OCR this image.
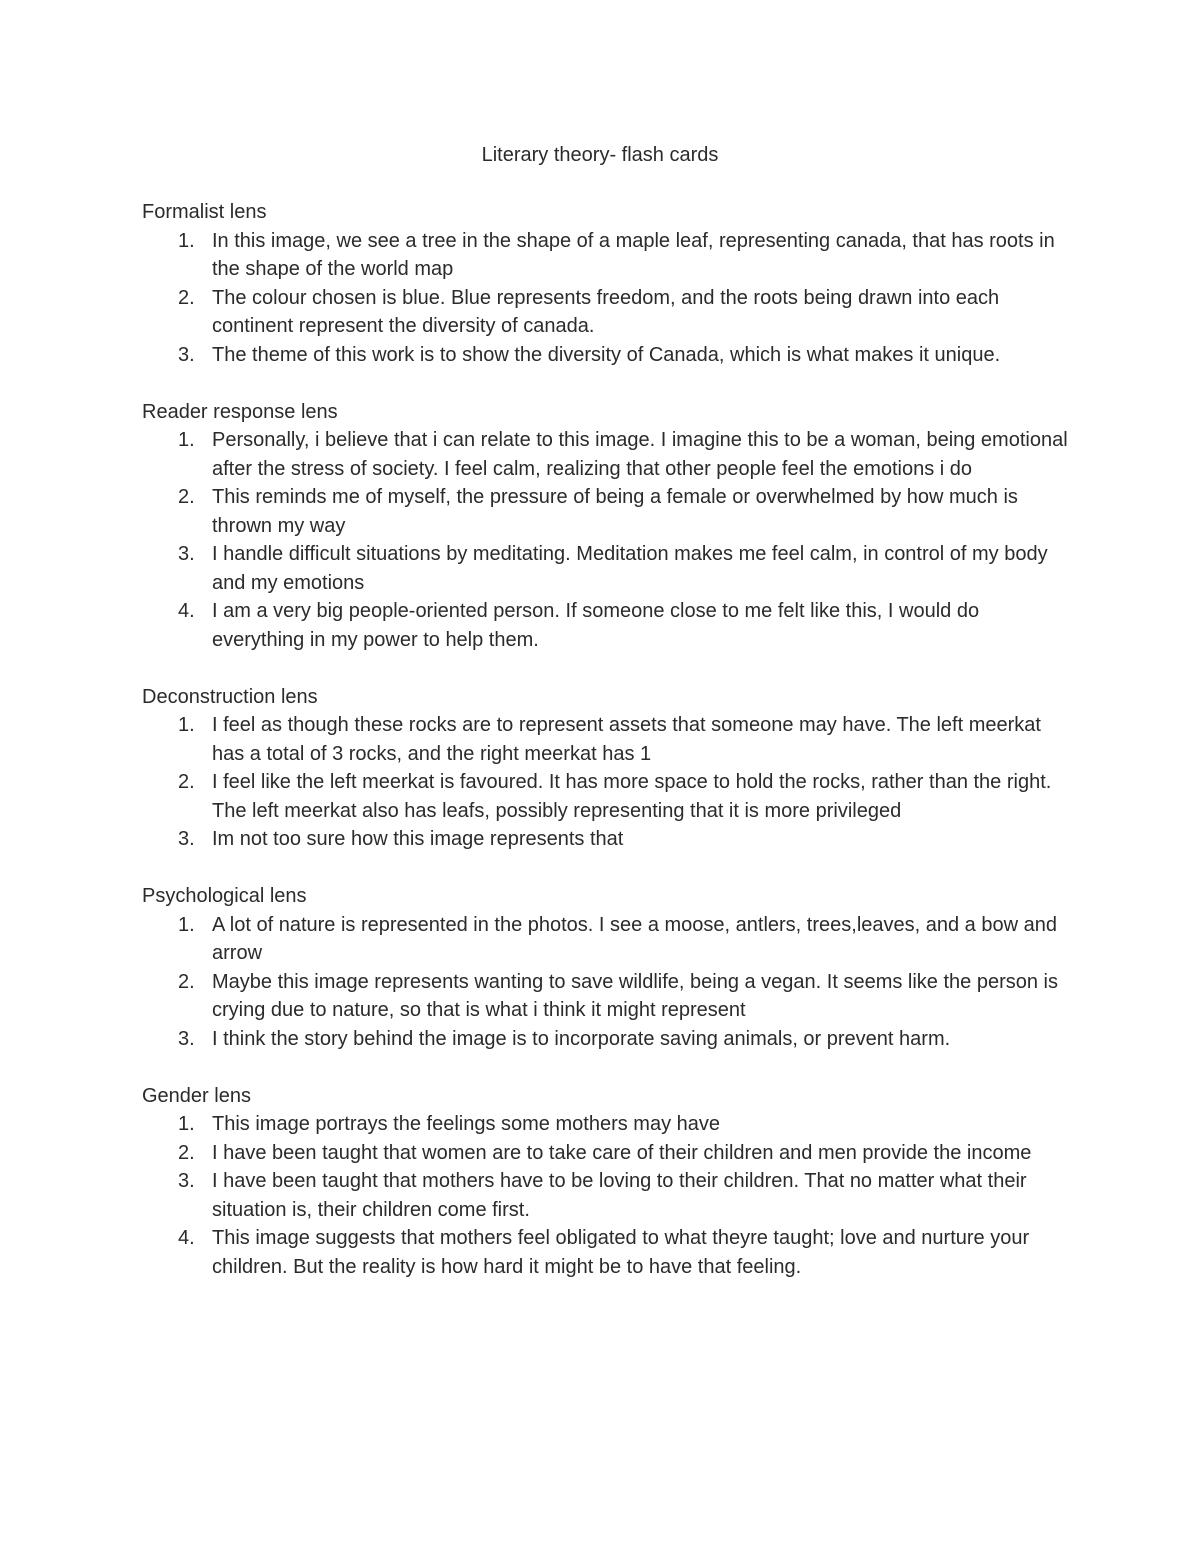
Literary theory- flash cards
Formalist lens
1. In this image, we see a tree in the shape of a maple leaf, representing canada, that has roots in the shape of the world map
2. The colour chosen is blue. Blue represents freedom, and the roots being drawn into each continent represent the diversity of canada.
3. The theme of this work is to show the diversity of Canada, which is what makes it unique.
Reader response lens
1. Personally, i believe that i can relate to this image. I imagine this to be a woman, being emotional after the stress of society. I feel calm, realizing that other people feel the emotions i do
2. This reminds me of myself, the pressure of being a female or overwhelmed by how much is thrown my way
3. I handle difficult situations by meditating. Meditation makes me feel calm, in control of my body and my emotions
4. I am a very big people-oriented person. If someone close to me felt like this, I would do everything in my power to help them.
Deconstruction lens
1. I feel as though these rocks are to represent assets that someone may have. The left meerkat has a total of 3 rocks, and the right meerkat has 1
2. I feel like the left meerkat is favoured. It has more space to hold the rocks, rather than the right. The left meerkat also has leafs, possibly representing that it is more privileged
3. Im not too sure how this image represents that
Psychological lens
1. A lot of nature is represented in the photos. I see a moose, antlers, trees,leaves, and a bow and arrow
2. Maybe this image represents wanting to save wildlife, being a vegan. It seems like the person is crying due to nature, so that is what i think it might represent
3. I think the story behind the image is to incorporate saving animals, or prevent harm.
Gender lens
1. This image portrays the feelings some mothers may have
2. I have been taught that women are to take care of their children and men provide the income
3. I have been taught that mothers have to be loving to their children. That no matter what their situation is, their children come first.
4. This image suggests that mothers feel obligated to what theyre taught; love and nurture your children. But the reality is how hard it might be to have that feeling.
